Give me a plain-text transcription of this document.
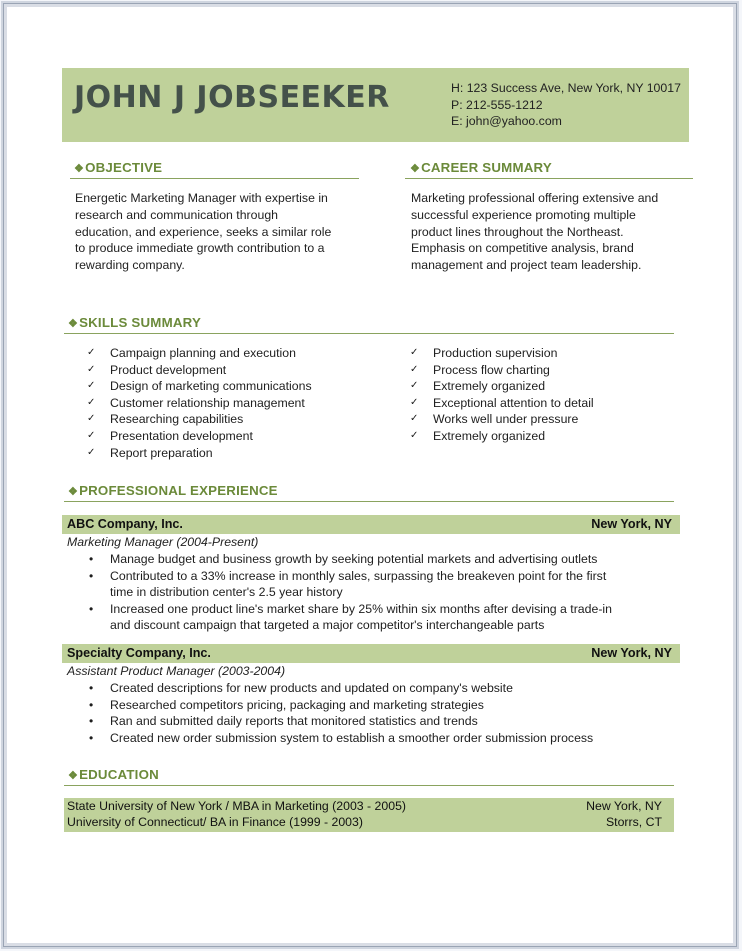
JOHN J JOBSEEKER	H: 123 Success Ave, New York, NY 10017
P: 212-555-1212
E: john@yahoo.com
❖OBJECTIVE
Energetic Marketing Manager with expertise in
research and communication through
education, and experience, seeks a similar role
to produce immediate growth contribution to a
rewarding company.
❖CAREER SUMMARY
Marketing professional offering extensive and
successful experience promoting multiple
product lines throughout the Northeast.
Emphasis on competitive analysis, brand
management and project team leadership.
❖SKILLS SUMMARY
✓ Campaign planning and execution
✓ Product development
✓ Design of marketing communications
✓ Customer relationship management
✓ Researching capabilities
✓ Presentation development
✓ Report preparation
✓ Production supervision
✓ Process flow charting
✓ Extremely organized
✓ Exceptional attention to detail
✓ Works well under pressure
✓ Extremely organized
❖PROFESSIONAL EXPERIENCE
ABC Company, Inc.	New York, NY
Marketing Manager (2004-Present)
• Manage budget and business growth by seeking potential markets and advertising outlets
• Contributed to a 33% increase in monthly sales, surpassing the breakeven point for the first
time in distribution center's 2.5 year history
• Increased one product line's market share by 25% within six months after devising a trade-in
and discount campaign that targeted a major competitor's interchangeable parts
Specialty Company, Inc.	New York, NY
Assistant Product Manager (2003-2004)
• Created descriptions for new products and updated on company's website
• Researched competitors pricing, packaging and marketing strategies
• Ran and submitted daily reports that monitored statistics and trends
• Created new order submission system to establish a smoother order submission process
❖EDUCATION
State University of New York / MBA in Marketing (2003 - 2005)	New York, NY
University of Connecticut/ BA in Finance (1999 - 2003)	Storrs, CT
